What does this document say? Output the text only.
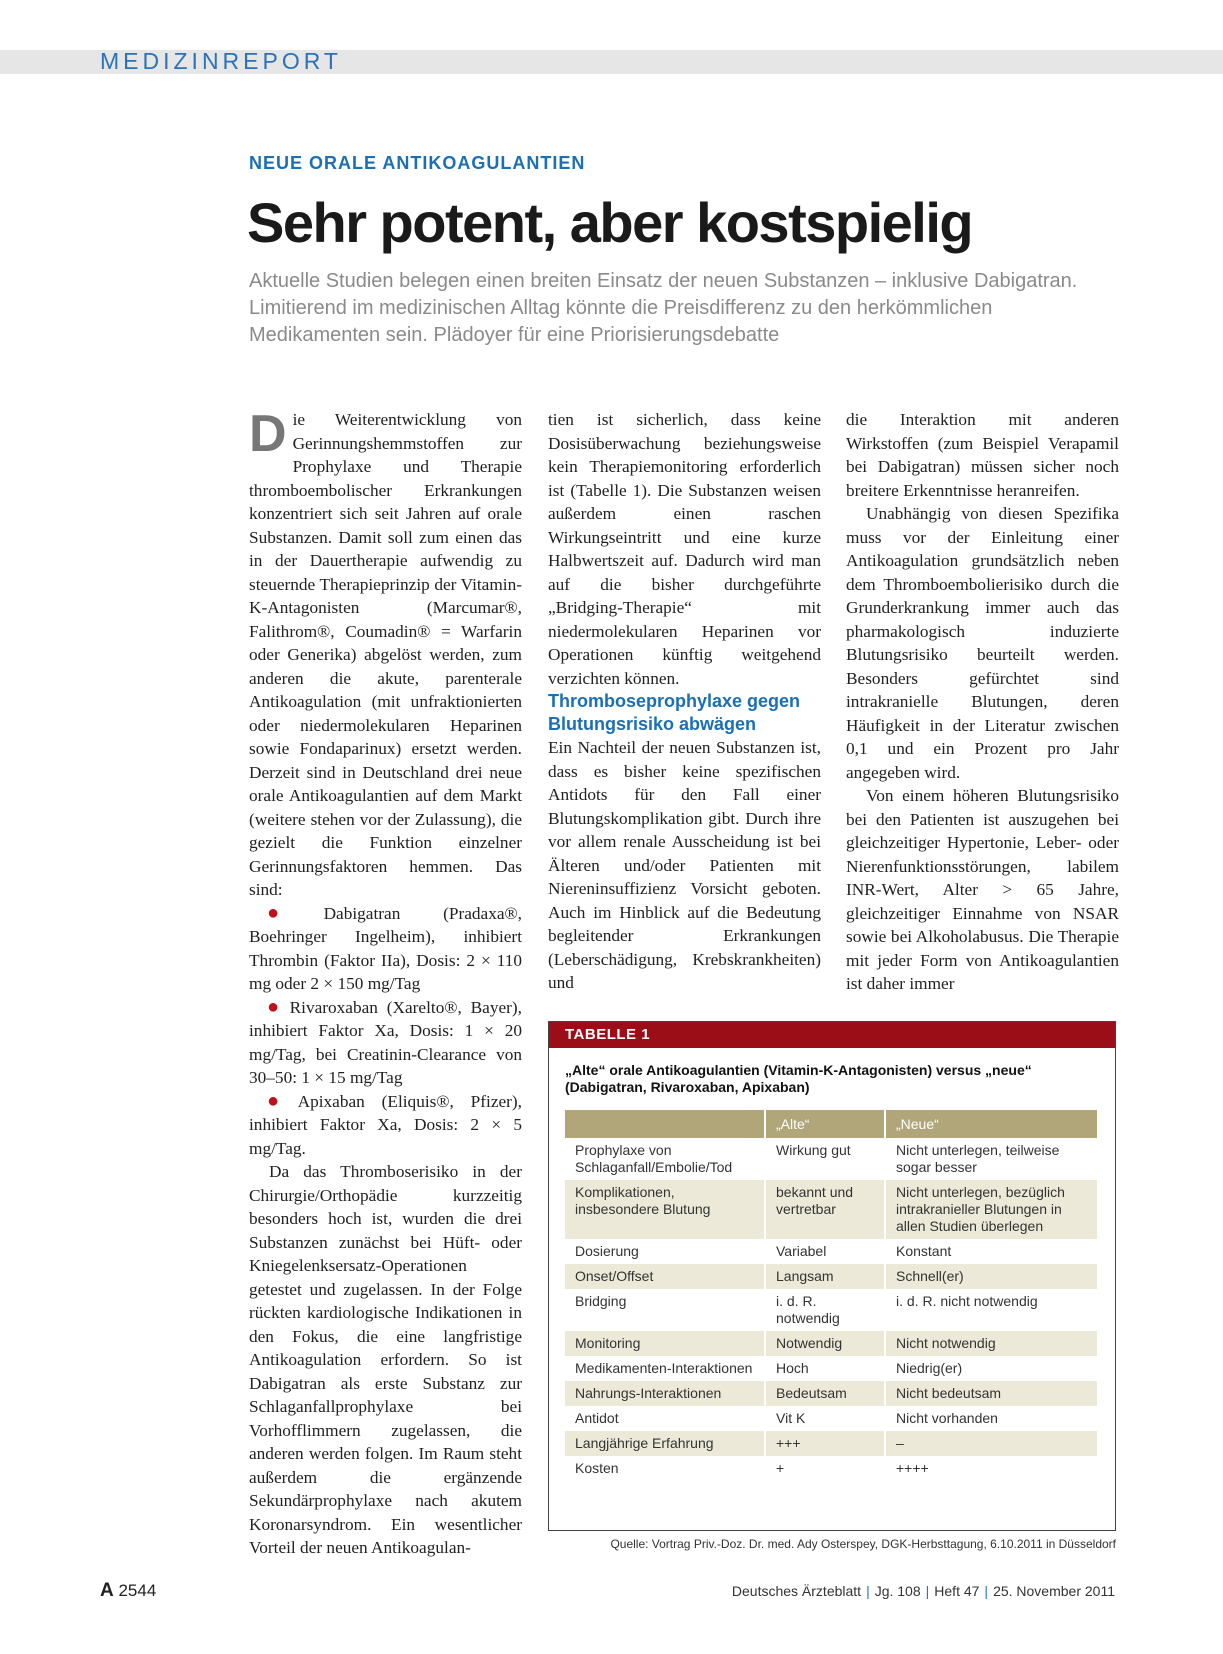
MEDIZINREPORT
NEUE ORALE ANTIKOAGULANTIEN
Sehr potent, aber kostspielig
Aktuelle Studien belegen einen breiten Einsatz der neuen Substanzen – inklusive Dabigatran. Limitierend im medizinischen Alltag könnte die Preisdifferenz zu den herkömmlichen Medikamenten sein. Plädoyer für eine Priorisierungsdebatte

Die Weiterentwicklung von Gerinnungshemmstoffen zur Prophylaxe und Therapie thromboembolischer Erkrankungen konzentriert sich seit Jahren auf orale Substanzen. Damit soll zum einen das in der Dauertherapie aufwendig zu steuernde Therapieprinzip der Vitamin-K-Antagonisten (Marcumar®, Falithrom®, Coumadin® = Warfarin oder Generika) abgelöst werden, zum anderen die akute, parenterale Antikoagulation (mit unfraktionierten oder niedermolekularen Heparinen sowie Fondaparinux) ersetzt werden. Derzeit sind in Deutschland drei neue orale Antikoagulantien auf dem Markt (weitere stehen vor der Zulassung), die gezielt die Funktion einzelner Gerinnungsfaktoren hemmen. Das sind:

● Dabigatran (Pradaxa®, Boehringer Ingelheim), inhibiert Thrombin (Faktor IIa), Dosis: 2 × 110 mg oder 2 × 150 mg/Tag

● Rivaroxaban (Xarelto®, Bayer), inhibiert Faktor Xa, Dosis: 1 × 20 mg/Tag, bei Creatinin-Clearance von 30–50: 1 × 15 mg/Tag

● Apixaban (Eliquis®, Pfizer), inhibiert Faktor Xa, Dosis: 2 × 5 mg/Tag.

Da das Thromboserisiko in der Chirurgie/Orthopädie kurzzeitig besonders hoch ist, wurden die drei Substanzen zunächst bei Hüft- oder Kniegelenksersatz-Operationen getestet und zugelassen. In der Folge rückten kardiologische Indikationen in den Fokus, die eine langfristige Antikoagulation erfordern. So ist Dabigatran als erste Substanz zur Schlaganfallprophylaxe bei Vorhofflimmern zugelassen, die anderen werden folgen. Im Raum steht außerdem die ergänzende Sekundärprophylaxe nach akutem Koronarsyndrom. Ein wesentlicher Vorteil der neuen Antikoagulan-

tien ist sicherlich, dass keine Dosisüberwachung beziehungsweise kein Therapiemonitoring erforderlich ist (Tabelle 1). Die Substanzen weisen außerdem einen raschen Wirkungseintritt und eine kurze Halbwertszeit auf. Dadurch wird man auf die bisher durchgeführte „Bridging-Therapie“ mit niedermolekularen Heparinen vor Operationen künftig weitgehend verzichten können.

Thromboseprophylaxe gegen Blutungsrisiko abwägen

Ein Nachteil der neuen Substanzen ist, dass es bisher keine spezifischen Antidots für den Fall einer Blutungskomplikation gibt. Durch ihre vor allem renale Ausscheidung ist bei Älteren und/oder Patienten mit Niereninsuffizienz Vorsicht geboten. Auch im Hinblick auf die Bedeutung begleitender Erkrankungen (Leberschädigung, Krebskrankheiten) und

die Interaktion mit anderen Wirkstoffen (zum Beispiel Verapamil bei Dabigatran) müssen sicher noch breitere Erkenntnisse heranreifen.

Unabhängig von diesen Spezifika muss vor der Einleitung einer Antikoagulation grundsätzlich neben dem Thromboembolierisiko durch die Grunderkrankung immer auch das pharmakologisch induzierte Blutungsrisiko beurteilt werden. Besonders gefürchtet sind intrakranielle Blutungen, deren Häufigkeit in der Literatur zwischen 0,1 und ein Prozent pro Jahr angegeben wird.

Von einem höheren Blutungsrisiko bei den Patienten ist auszugehen bei gleichzeitiger Hypertonie, Leber- oder Nierenfunktionsstörungen, labilem INR-Wert, Alter > 65 Jahre, gleichzeitiger Einnahme von NSAR sowie bei Alkoholabusus. Die Therapie mit jeder Form von Antikoagulantien ist daher immer

TABELLE 1
„Alte“ orale Antikoagulantien (Vitamin-K-Antagonisten) versus „neue“ (Dabigatran, Rivaroxaban, Apixaban)
	„Alte“	„Neue“
Prophylaxe von Schlaganfall/Embolie/Tod	Wirkung gut	Nicht unterlegen, teilweise sogar besser
Komplikationen, insbesondere Blutung	bekannt und vertretbar	Nicht unterlegen, bezüglich intrakranieller Blutungen in allen Studien überlegen
Dosierung	Variabel	Konstant
Onset/Offset	Langsam	Schnell(er)
Bridging	i. d. R. notwendig	i. d. R. nicht notwendig
Monitoring	Notwendig	Nicht notwendig
Medikamenten-Interaktionen	Hoch	Niedrig(er)
Nahrungs-Interaktionen	Bedeutsam	Nicht bedeutsam
Antidot	Vit K	Nicht vorhanden
Langjährige Erfahrung	+++	–
Kosten	+	++++
Quelle: Vortrag Priv.-Doz. Dr. med. Ady Osterspey, DGK-Herbsttagung, 6.10.2011 in Düsseldorf
A 2544	Deutsches Ärzteblatt | Jg. 108 | Heft 47 | 25. November 2011
